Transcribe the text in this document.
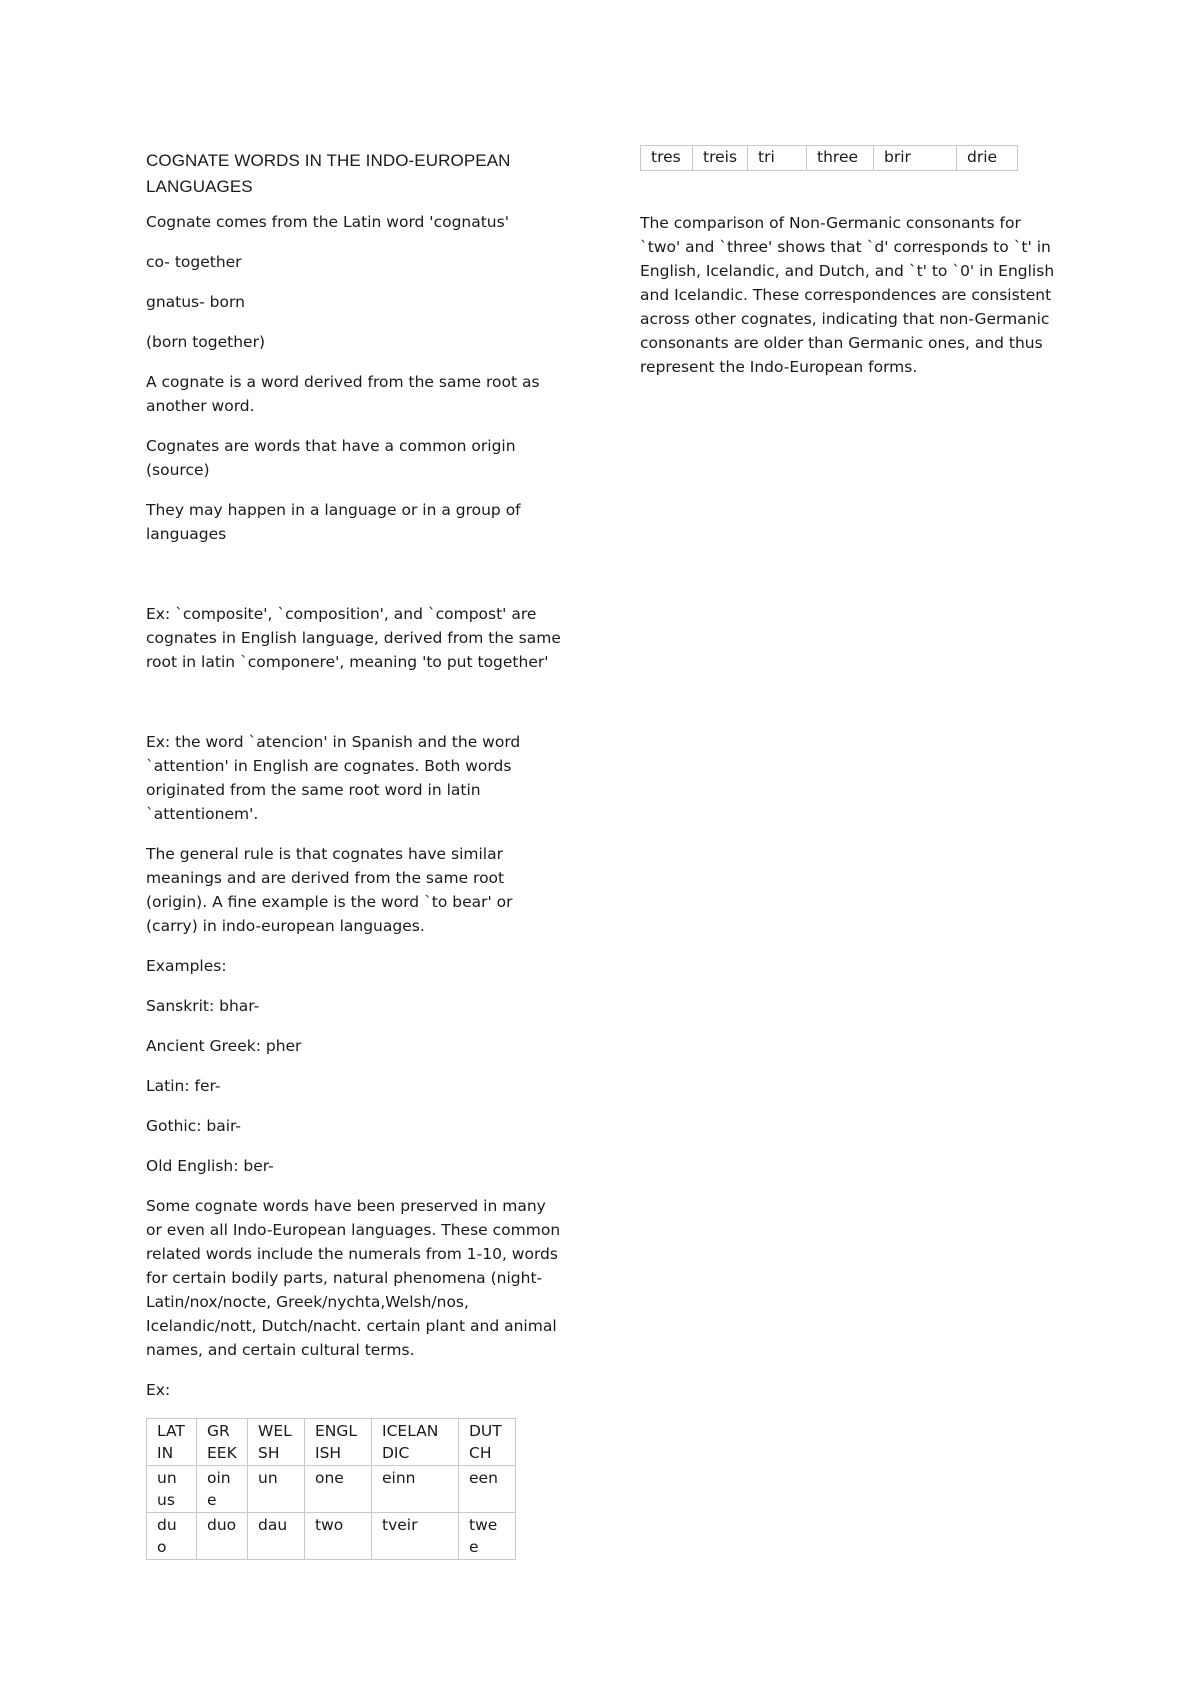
COGNATE WORDS IN THE INDO-EUROPEAN LANGUAGES

Cognate comes from the Latin word 'cognatus'

co- together

gnatus- born

(born together)

A cognate is a word derived from the same root as another word.

Cognates are words that have a common origin (source)

They may happen in a language or in a group of languages

Ex: `composite', `composition', and `compost' are cognates in English language, derived from the same root in latin `componere', meaning 'to put together'

Ex: the word `atencion' in Spanish and the word `attention' in English are cognates. Both words originated from the same root word in latin `attentionem'.

The general rule is that cognates have similar meanings and are derived from the same root (origin). A fine example is the word `to bear' or (carry) in indo-european languages.

Examples:

Sanskrit: bhar-

Ancient Greek: pher

Latin: fer-

Gothic: bair-

Old English: ber-

Some cognate words have been preserved in many or even all Indo-European languages. These common related words include the numerals from 1-10, words for certain bodily parts, natural phenomena (night- Latin/nox/nocte, Greek/nychta,Welsh/nos, Icelandic/nott, Dutch/nacht. certain plant and animal names, and certain cultural terms.

Ex:

LATIN	GREEK	WELSH	ENGLISH	ICELANDIC	DUTCH
unus	oine	un	one	einn	een
duo	duo	dau	two	tveir	twee
tres	treis	tri	three	brir	drie

The comparison of Non-Germanic consonants for `two' and `three' shows that `d' corresponds to `t' in English, Icelandic, and Dutch, and `t' to `0' in English and Icelandic. These correspondences are consistent across other cognates, indicating that non-Germanic consonants are older than Germanic ones, and thus represent the Indo-European forms.
